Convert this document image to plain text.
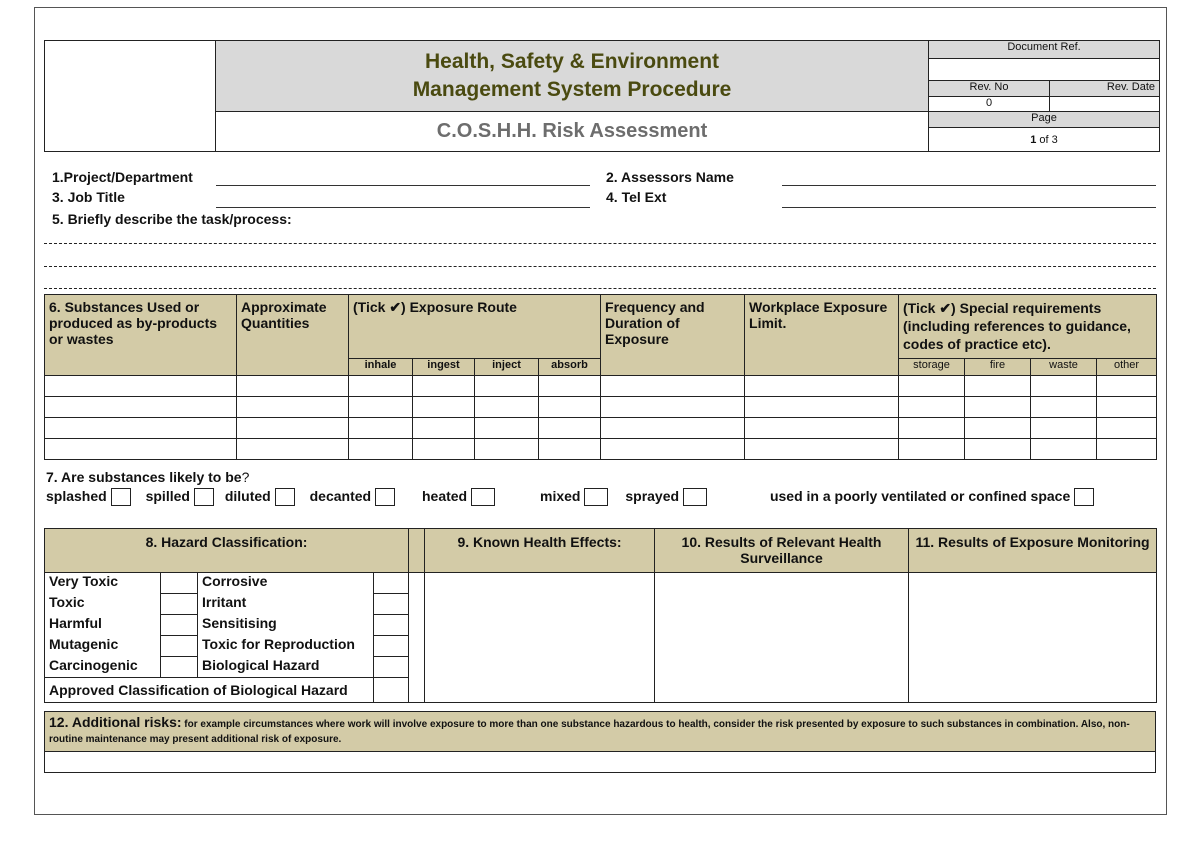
	Health, Safety & Environment
Management System Procedure	Document Ref.	

		Rev. No	Rev. Date
		0	
	C.O.S.H.H. Risk Assessment	Page	
		1 of 3	
1.Project/Department	2. Assessors Name
3. Job Title	4. Tel Ext
5. Briefly describe the task/process:
6. Substances Used or produced as by-products or wastes	Approximate Quantities	(Tick ✔) Exposure Route				Frequency and Duration of Exposure	Workplace Exposure Limit.	(Tick ✔) Special requirements (including references to guidance, codes of practice etc).			
		inhale	ingest	inject	absorb			storage	fire	waste	other

7. Are substances likely to be?
splashed	spilled diluted	decanted	heated	mixed	sprayed	used in a poorly ventilated or confined space
8. Hazard Classification:					9. Known Health Effects:	10. Results of Relevant Health Surveillance	11. Results of Exposure Monitoring
Very Toxic		Corrosive					
Toxic		Irritant					
Harmful		Sensitising					
Mutagenic		Toxic for Reproduction					
Carcinogenic		Biological Hazard					
Approved Classification of Biological Hazard							
12. Additional risks: for example circumstances where work will involve exposure to more than one substance hazardous to health, consider the risk presented by exposure to such substances in combination. Also, non-routine maintenance may present additional risk of exposure.
